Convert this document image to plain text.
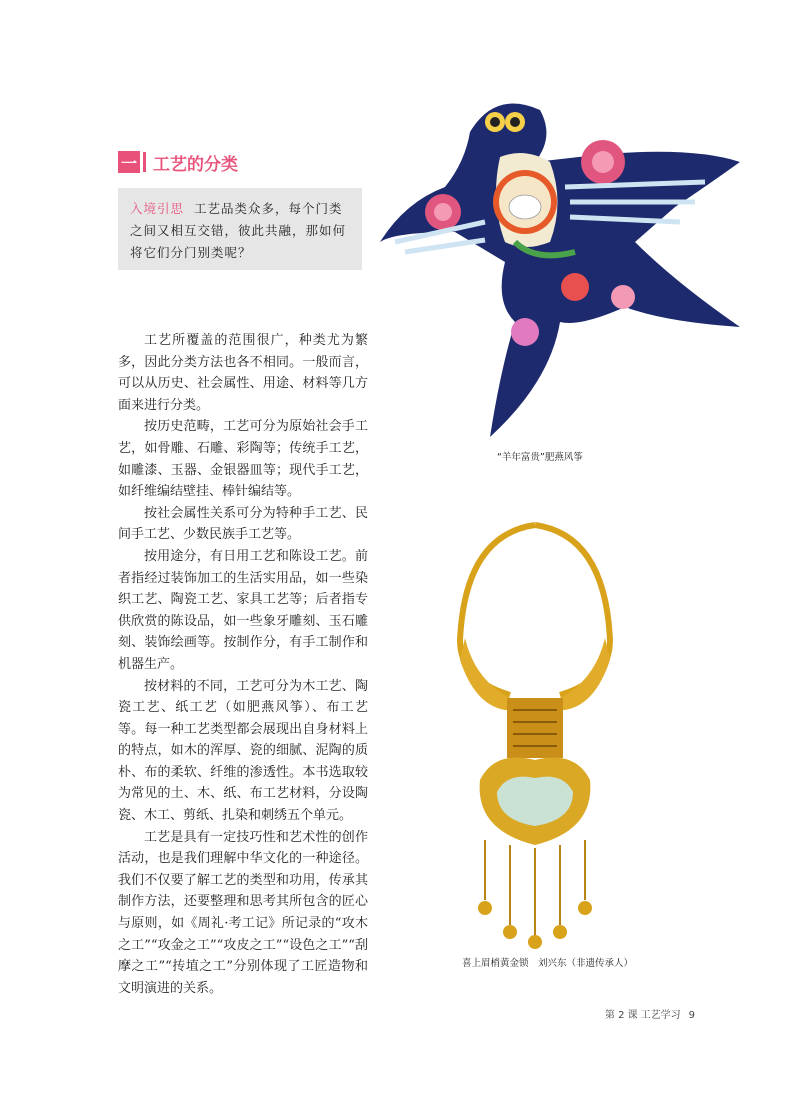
一 工艺的分类
入境引思 工艺品类众多，每个门类之间又相互交错，彼此共融，那如何将它们分门别类呢？

工艺所覆盖的范围很广，种类尤为繁多，因此分类方法也各不相同。一般而言，可以从历史、社会属性、用途、材料等几方面来进行分类。

按历史范畴，工艺可分为原始社会手工艺，如骨雕、石雕、彩陶等；传统手工艺，如雕漆、玉器、金银器皿等；现代手工艺，如纤维编结壁挂、棒针编结等。

按社会属性关系可分为特种手工艺、民间手工艺、少数民族手工艺等。

按用途分，有日用工艺和陈设工艺。前者指经过装饰加工的生活实用品，如一些染织工艺、陶瓷工艺、家具工艺等；后者指专供欣赏的陈设品，如一些象牙雕刻、玉石雕刻、装饰绘画等。按制作分，有手工制作和机器生产。

按材料的不同，工艺可分为木工艺、陶瓷工艺、纸工艺（如肥燕风筝）、布工艺等。每一种工艺类型都会展现出自身材料上的特点，如木的浑厚、瓷的细腻、泥陶的质朴、布的柔软、纤维的渗透性。本书选取较为常见的土、木、纸、布工艺材料，分设陶瓷、木工、剪纸、扎染和刺绣五个单元。

工艺是具有一定技巧性和艺术性的创作活动，也是我们理解中华文化的一种途径。我们不仅要了解工艺的类型和功用，传承其制作方法，还要整理和思考其所包含的匠心与原则，如《周礼·考工记》所记录的“攻木之工”“攻金之工”“攻皮之工”“设色之工”“刮摩之工”“抟埴之工”分别体现了工匠造物和文明演进的关系。

“羊年富贵”肥燕风筝
喜上眉梢黄金锁　刘兴东（非遗传承人）
第 2 课 工艺学习 9
